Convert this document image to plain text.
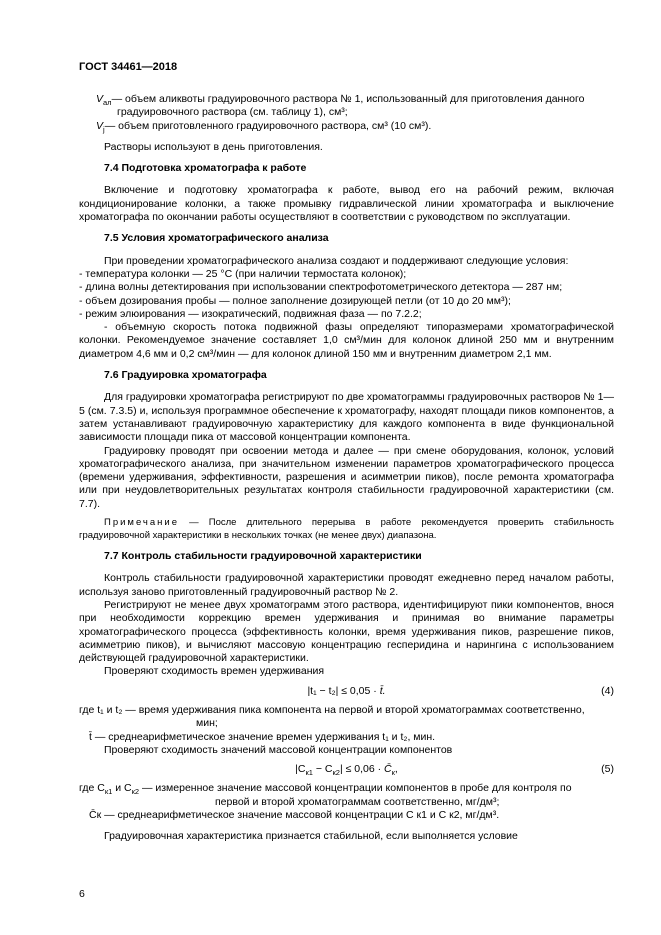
ГОСТ 34461—2018
$V_{ал}$ — объем аликвоты градуировочного раствора № 1, использованный для приготовления данного

градуировочного раствора (см. таблицу 1), см³;

$V_j$ — объем приготовленного градуировочного раствора, см³ (10 см³).

Растворы используют в день приготовления.

7.4 Подготовка хроматографа к работе

Включение и подготовку хроматографа к работе, вывод его на рабочий режим, включая кондиционирование колонки, а также промывку гидравлической линии хроматографа и выключение хроматографа по окончании работы осуществляют в соответствии с руководством по эксплуатации.

7.5 Условия хроматографического анализа

При проведении хроматографического анализа создают и поддерживают следующие условия:

- температура колонки — 25 °С (при наличии термостата колонок);

- длина волны детектирования при использовании спектрофотометрического детектора — 287 нм;

- объем дозирования пробы — полное заполнение дозирующей петли (от 10 до 20 мм³);

- режим элюирования — изократический, подвижная фаза — по 7.2.2;

- объемную скорость потока подвижной фазы определяют типоразмерами хроматографической колонки. Рекомендуемое значение составляет 1,0 см³/мин для колонок длиной 250 мм и внутренним диаметром 4,6 мм и 0,2 см³/мин — для колонок длиной 150 мм и внутренним диаметром 2,1 мм.

7.6 Градуировка хроматографа

Для градуировки хроматографа регистрируют по две хроматограммы градуировочных растворов № 1—5 (см. 7.3.5) и, используя программное обеспечение к хроматографу, находят площади пиков компонентов, а затем устанавливают градуировочную характеристику для каждого компонента в виде функциональной зависимости площади пика от массовой концентрации компонента.

Градуировку проводят при освоении метода и далее — при смене оборудования, колонок, условий хроматографического анализа, при значительном изменении параметров хроматографического процесса (времени удерживания, эффективности, разрешения и асимметрии пиков), после ремонта хроматографа или при неудовлетворительных результатах контроля стабильности градуировочной характеристики (см. 7.7).

Примечание — После длительного перерыва в работе рекомендуется проверить стабильность градуировочной характеристики в нескольких точках (не менее двух) диапазона.

7.7 Контроль стабильности градуировочной характеристики

Контроль стабильности градуировочной характеристики проводят ежедневно перед началом работы, используя заново приготовленный градуировочный раствор № 2.

Регистрируют не менее двух хроматограмм этого раствора, идентифицируют пики компонентов, внося при необходимости коррекцию времен удерживания и принимая во внимание параметры хроматографического процесса (эффективность колонки, время удерживания пиков, разрешение пиков, асимметрию пиков), и вычисляют массовую концентрацию гесперидина и нарингина с использованием действующей градуировочной характеристики.

Проверяют сходимость времен удерживания

|t₁ − t₂| ≤ 0,05 · t̄.	(4)

где t₁ и t₂ — время удерживания пика компонента на первой и второй хроматограммах соответственно,

мин;

t̄ — среднеарифметическое значение времен удерживания t₁ и t₂, мин.

Проверяют сходимость значений массовой концентрации компонентов

$|C_{к1} - C_{к2}| \le 0,06$ · $C̄_к$,	(5)

где $С_{к1}$ и $С_{к2}$ — измеренное значение массовой концентрации компонентов в пробе для контроля по

первой и второй хроматограммам соответственно, мг/дм³;

C̄к — среднеарифметическое значение массовой концентрации С к1 и С к2, мг/дм³.

Градуировочная характеристика признается стабильной, если выполняется условие

6
